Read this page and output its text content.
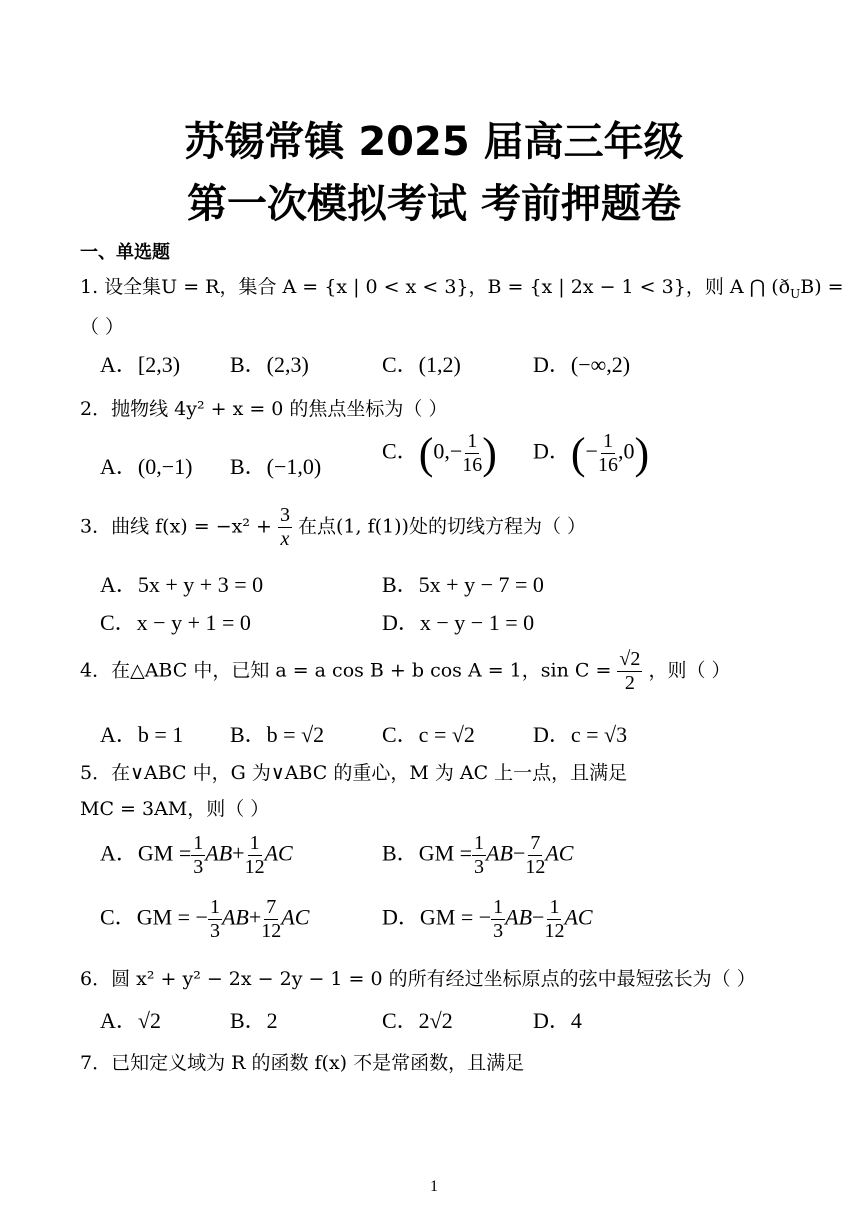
苏锡常镇 2025 届高三年级
第一次模拟考试 考前押题卷
一、单选题
1. 设全集U = R，集合 A = {x | 0 < x < 3}，B = {x | 2x − 1 < 3}，则 A ⋂ $(ð_UB)$ =
（ ）
A．[2,3) B．(2,3)	C．(1,2)	D．(−∞,2)
2．抛物线 4y² + x = 0 的焦点坐标为（ ）
A．(0,−1) B．(−1,0)
C．($0,- \frac{1}{16}$ ) D．(− $\frac{1}{16} ,0$)
3．曲线 $f(x) = -x^2 + \frac{3}{x}$ 在点(1, f(1))处的切线方程为（ ）
A．5x + y + 3 = 0	B．5x + y − 7 = 0
C．x − y + 1 = 0	D．x − y − 1 = 0
4．在△ABC 中，已知 a = a cos B + b cos A = 1，$\sin C = \frac{√2}{2}$ ，则（ ）
A．b = 1 B．b = √2	C．c = √2	D．c = √3
5．在∨ABC 中，G 为∨ABC 的重心，M 为 AC 上一点，且满足
MC = 3AM，则（ ）
A．GM = $\frac{1}{3} AB+ \frac{1}{12}$ AC	B．GM = $\frac{1}{3} AB- \frac{7}{12}$ AC
C．GM = − $\frac{1}{3} AB+ \frac{7}{12}$ AC	D．GM = − $\frac{1}{3} AB- \frac{1}{12}$ AC
6．圆 x² + y² − 2x − 2y − 1 = 0 的所有经过坐标原点的弦中最短弦长为（ ）
A．√2	B．2	C．2√2	D．4
7．已知定义域为 R 的函数 f(x) 不是常函数，且满足
1
